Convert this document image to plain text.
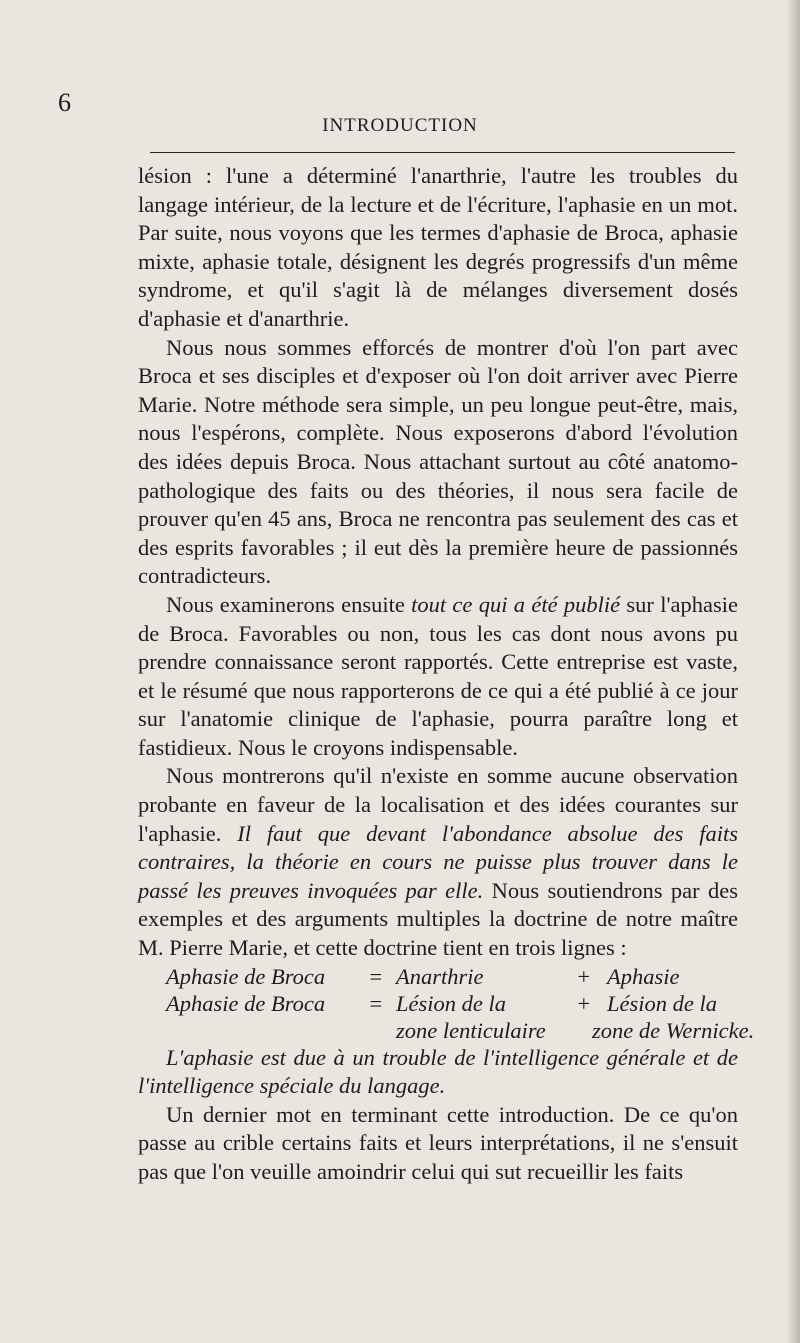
6
INTRODUCTION

lésion : l'une a déterminé l'anarthrie, l'autre les troubles du langage intérieur, de la lecture et de l'écriture, l'aphasie en un mot. Par suite, nous voyons que les termes d'aphasie de Broca, aphasie mixte, aphasie totale, désignent les degrés progressifs d'un même syndrome, et qu'il s'agit là de mélanges diversement dosés d'aphasie et d'anarthrie.

Nous nous sommes efforcés de montrer d'où l'on part avec Broca et ses disciples et d'exposer où l'on doit arriver avec Pierre Marie. Notre méthode sera simple, un peu longue peut-être, mais, nous l'espérons, complète. Nous exposerons d'abord l'évolution des idées depuis Broca. Nous attachant surtout au côté anatomo-pathologique des faits ou des théories, il nous sera facile de prouver qu'en 45 ans, Broca ne rencontra pas seulement des cas et des esprits favorables ; il eut dès la première heure de passionnés contradicteurs.

Nous examinerons ensuite tout ce qui a été publié sur l'aphasie de Broca. Favorables ou non, tous les cas dont nous avons pu prendre connaissance seront rapportés. Cette entreprise est vaste, et le résumé que nous rapporterons de ce qui a été publié à ce jour sur l'anatomie clinique de l'aphasie, pourra paraître long et fastidieux. Nous le croyons indispensable.

Nous montrerons qu'il n'existe en somme aucune observation probante en faveur de la localisation et des idées courantes sur l'aphasie. Il faut que devant l'abondance absolue des faits contraires, la théorie en cours ne puisse plus trouver dans le passé les preuves invoquées par elle. Nous soutiendrons par des exemples et des arguments multiples la doctrine de notre maître M. Pierre Marie, et cette doctrine tient en trois lignes :

Aphasie de Broca = Anarthrie	+ Aphasie
Aphasie de Broca = Lésion de la	+ Lésion de la
zone lenticulaire zone de Wernicke.

L'aphasie est due à un trouble de l'intelligence générale et de l'intelligence spéciale du langage.

Un dernier mot en terminant cette introduction. De ce qu'on passe au crible certains faits et leurs interprétations, il ne s'ensuit pas que l'on veuille amoindrir celui qui sut recueillir les faits
